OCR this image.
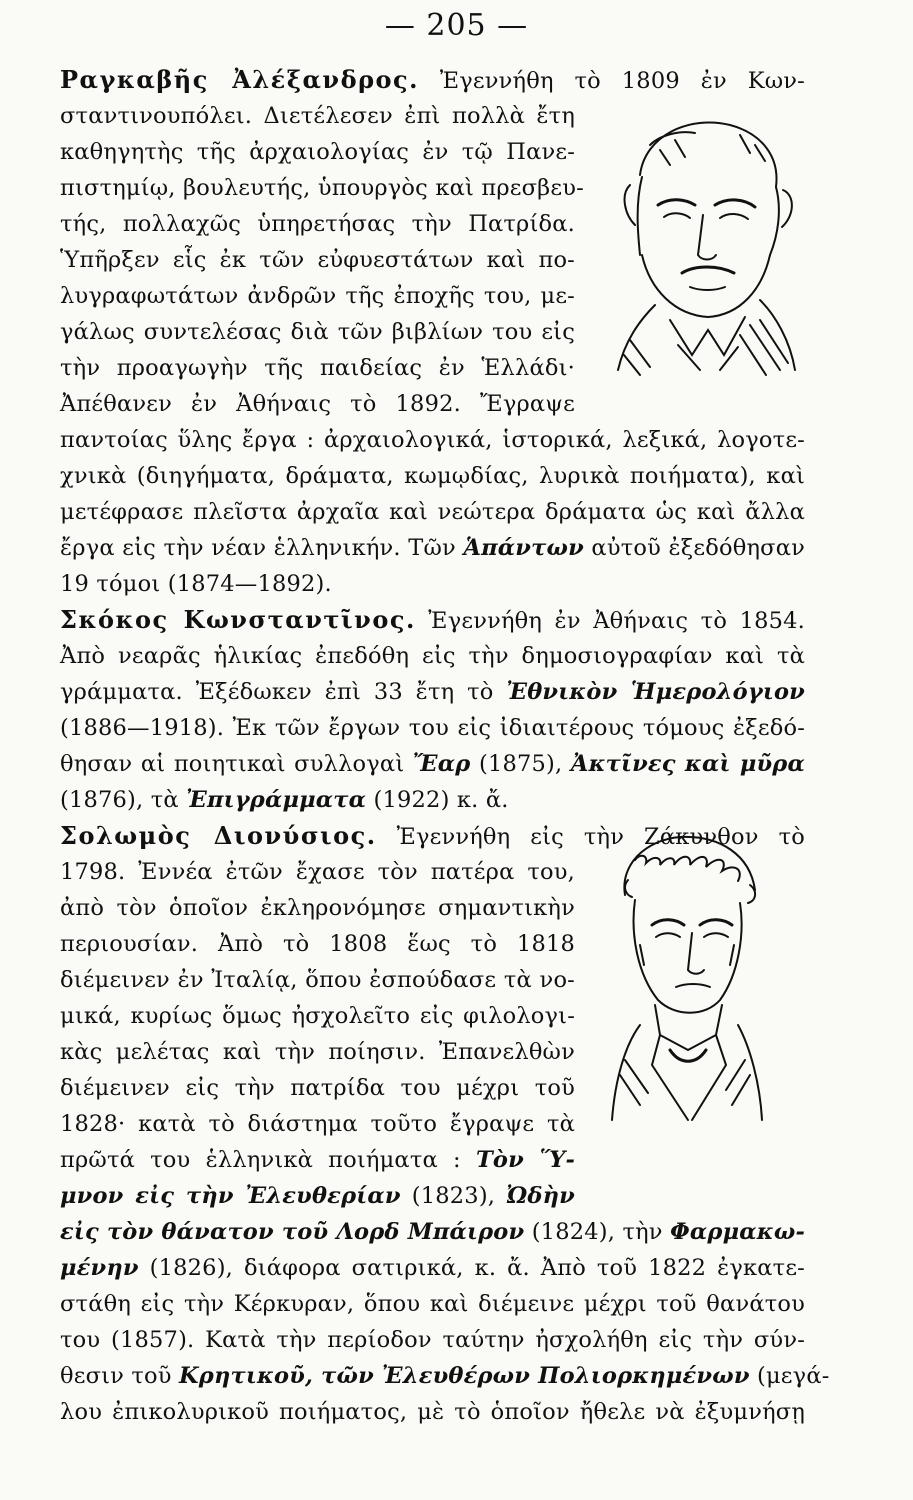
— 205 —
Ραγκαβῆς Ἀλέξανδρος. Ἐγεννήθη τὸ 1809 ἐν Κων-
σταντινουπόλει. Διετέλεσεν ἐπὶ πολλὰ ἔτη
καθηγητὴς τῆς ἀρχαιολογίας ἐν τῷ Πανε-
πιστημίῳ, βουλευτής, ὑπουργὸς καὶ πρεσβευ-
τής, πολλαχῶς ὑπηρετήσας τὴν Πατρίδα.
Ὑπῆρξεν εἷς ἐκ τῶν εὐφυεστάτων καὶ πο-
λυγραφωτάτων ἀνδρῶν τῆς ἐποχῆς του, με-
γάλως συντελέσας διὰ τῶν βιβλίων του εἰς
τὴν προαγωγὴν τῆς παιδείας ἐν Ἑλλάδι·
Ἀπέθανεν ἐν Ἀθήναις τὸ 1892. Ἔγραψε
παντοίας ὕλης ἔργα : ἀρχαιολογικά, ἱστορικά, λεξικά, λογοτε-
χνικὰ (διηγήματα, δράματα, κωμῳδίας, λυρικὰ ποιήματα), καὶ
μετέφρασε πλεῖστα ἀρχαῖα καὶ νεώτερα δράματα ὡς καὶ ἄλλα
ἔργα εἰς τὴν νέαν ἑλληνικήν. Τῶν Ἁπάντων αὐτοῦ ἐξεδόθησαν
19 τόμοι (1874—1892).
Σκόκος Κωνσταντῖνος. Ἐγεννήθη ἐν Ἀθήναις τὸ 1854.
Ἀπὸ νεαρᾶς ἡλικίας ἐπεδόθη εἰς τὴν δημοσιογραφίαν καὶ τὰ
γράμματα. Ἐξέδωκεν ἐπὶ 33 ἔτη τὸ Ἐθνικὸν Ἡμερολόγιον
(1886—1918). Ἐκ τῶν ἔργων του εἰς ἰδιαιτέρους τόμους ἐξεδό-
θησαν αἱ ποιητικαὶ συλλογαὶ Ἔαρ (1875), Ἀκτῖνες καὶ μῦρα
(1876), τὰ Ἐπιγράμματα (1922) κ. ἄ.
Σολωμὸς Διονύσιος. Ἐγεννήθη εἰς τὴν Ζάκυνθον τὸ
1798. Ἐννέα ἐτῶν ἔχασε τὸν πατέρα του,
ἀπὸ τὸν ὁποῖον ἐκληρονόμησε σημαντικὴν
περιουσίαν. Ἀπὸ τὸ 1808 ἕως τὸ 1818
διέμεινεν ἐν Ἰταλίᾳ, ὅπου ἐσπούδασε τὰ νο-
μικά, κυρίως ὅμως ἠσχολεῖτο εἰς φιλολογι-
κὰς μελέτας καὶ τὴν ποίησιν. Ἐπανελθὼν
διέμεινεν εἰς τὴν πατρίδα του μέχρι τοῦ
1828· κατὰ τὸ διάστημα τοῦτο ἔγραψε τὰ
πρῶτά του ἑλληνικὰ ποιήματα : Τὸν Ὕ-
μνον εἰς τὴν Ἐλευθερίαν (1823), Ὠδὴν
εἰς τὸν θάνατον τοῦ Λορδ Μπάιρον (1824), τὴν Φαρμακω-
μένην (1826), διάφορα σατιρικά, κ. ἄ. Ἀπὸ τοῦ 1822 ἐγκατε-
στάθη εἰς τὴν Κέρκυραν, ὅπου καὶ διέμεινε μέχρι τοῦ θανάτου
του (1857). Κατὰ τὴν περίοδον ταύτην ἠσχολήθη εἰς τὴν σύν-
θεσιν τοῦ Κρητικοῦ, τῶν Ἐλευθέρων Πολιορκημένων (μεγά-
λου ἐπικολυρικοῦ ποιήματος, μὲ τὸ ὁποῖον ἤθελε νὰ ἐξυμνήσῃ
